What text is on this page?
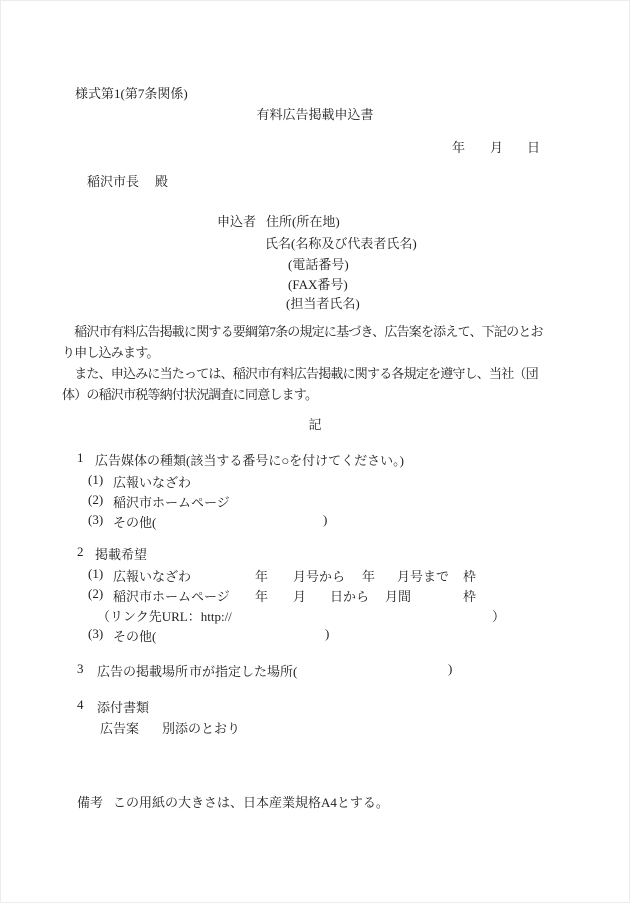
様式第1(第7条関係)
有料広告掲載申込書
年 月 日
稲沢市長 殿
申込者 住所(所在地)
氏名(名称及び代表者氏名)
(電話番号)
(FAX番号)
(担当者氏名)
　稲沢市有料広告掲載に関する要綱第7条の規定に基づき、広告案を添えて、下記のとお
り申し込みます。
　また、申込みに当たっては、稲沢市有料広告掲載に関する各規定を遵守し、当社（団
体）の稲沢市税等納付状況調査に同意します。
記
1 広告媒体の種類(該当する番号に○を付けてください。)
(1) 広報いなざわ
(2) 稲沢市ホームページ
(3) その他(	)
2 掲載希望
(1) 広報いなざわ	年 月号から 年 月号まで 枠
(2) 稲沢市ホームページ 年 月 日から 月間	枠
（リンク先URL：http://	）
(3) その他(	)
3 広告の掲載場所 市が指定した場所(	)
4 添付書類
広告案 別添のとおり
備考 この用紙の大きさは、日本産業規格A4とする。
